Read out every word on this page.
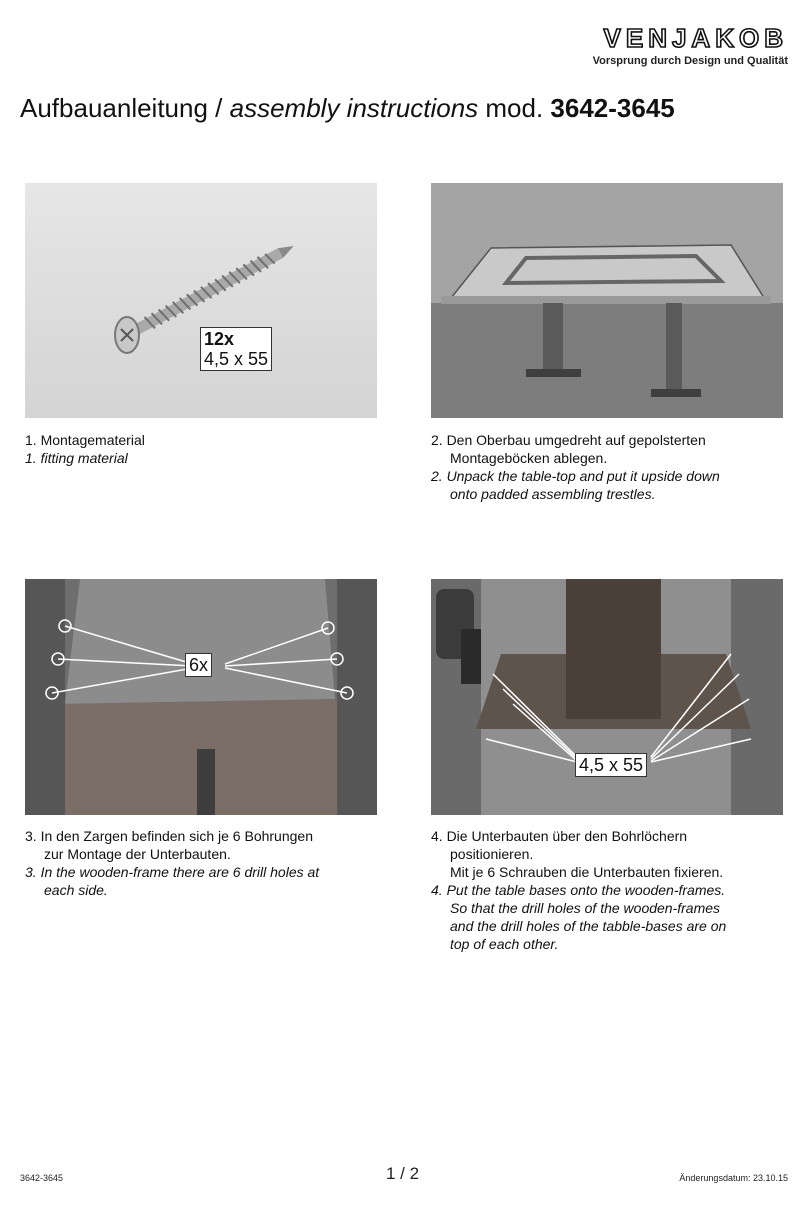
VENJAKOB
Vorsprung durch Design und Qualität
Aufbauanleitung / assembly instructions mod. 3642-3645
12x
4,5 x 55

1. Montagematerial

1. fitting material

2. Den Oberbau umgedreht auf gepolsterten

Montageböcken ablegen.

2. Unpack the table-top and put it upside down

onto padded assembling trestles.

6x
4,5 x 55

3. In den Zargen befinden sich je 6 Bohrungen

zur Montage der Unterbauten.

3. In the wooden-frame there are 6 drill holes at

each side.

4. Die Unterbauten über den Bohrlöchern

positionieren.

Mit je 6 Schrauben die Unterbauten fixieren.

4. Put the table bases onto the wooden-frames.

So that the drill holes of the wooden-frames

and the drill holes of the tabble-bases are on

top of each other.

3642-3645	1 / 2	Änderungsdatum: 23.10.15
